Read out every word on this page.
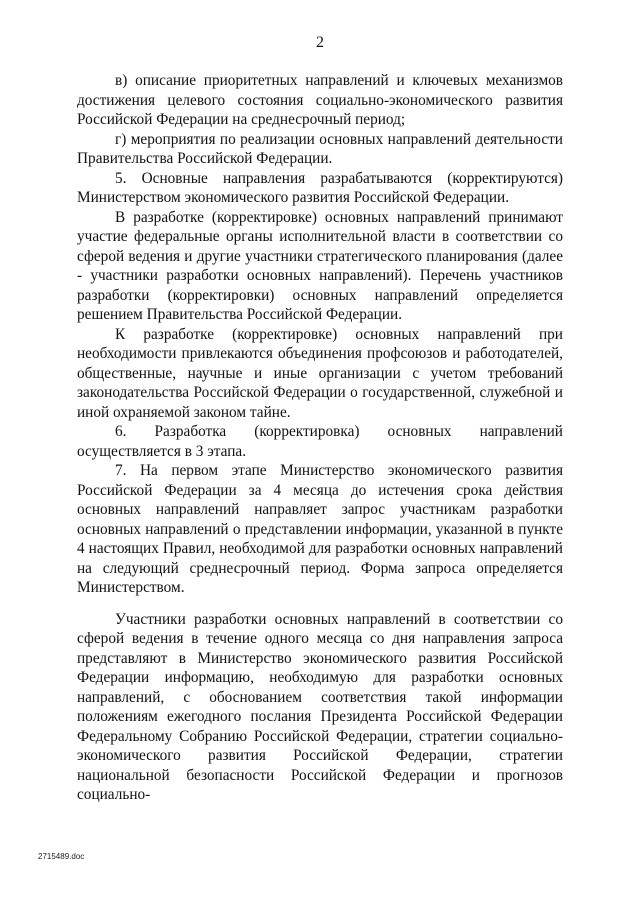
2

в) описание приоритетных направлений и ключевых механизмов достижения целевого состояния социально-экономического развития Российской Федерации на среднесрочный период;

г) мероприятия по реализации основных направлений деятельности Правительства Российской Федерации.

5. Основные направления разрабатываются (корректируются) Министерством экономического развития Российской Федерации.

В разработке (корректировке) основных направлений принимают участие федеральные органы исполнительной власти в соответствии со сферой ведения и другие участники стратегического планирования (далее - участники разработки основных направлений). Перечень участников разработки (корректировки) основных направлений определяется решением Правительства Российской Федерации.

К разработке (корректировке) основных направлений при необходимости привлекаются объединения профсоюзов и работодателей, общественные, научные и иные организации с учетом требований законодательства Российской Федерации о государственной, служебной и иной охраняемой законом тайне.

6. Разработка (корректировка) основных направлений осуществляется в 3 этапа.

7. На первом этапе Министерство экономического развития Российской Федерации за 4 месяца до истечения срока действия основных направлений направляет запрос участникам разработки основных направлений о представлении информации, указанной в пункте 4 настоящих Правил, необходимой для разработки основных направлений на следующий среднесрочный период. Форма запроса определяется Министерством.

Участники разработки основных направлений в соответствии со сферой ведения в течение одного месяца со дня направления запроса представляют в Министерство экономического развития Российской Федерации информацию, необходимую для разработки основных направлений, с обоснованием соответствия такой информации положениям ежегодного послания Президента Российской Федерации Федеральному Собранию Российской Федерации, стратегии социально-экономического развития Российской Федерации, стратегии национальной безопасности Российской Федерации и прогнозов социально-

2715489.doc
